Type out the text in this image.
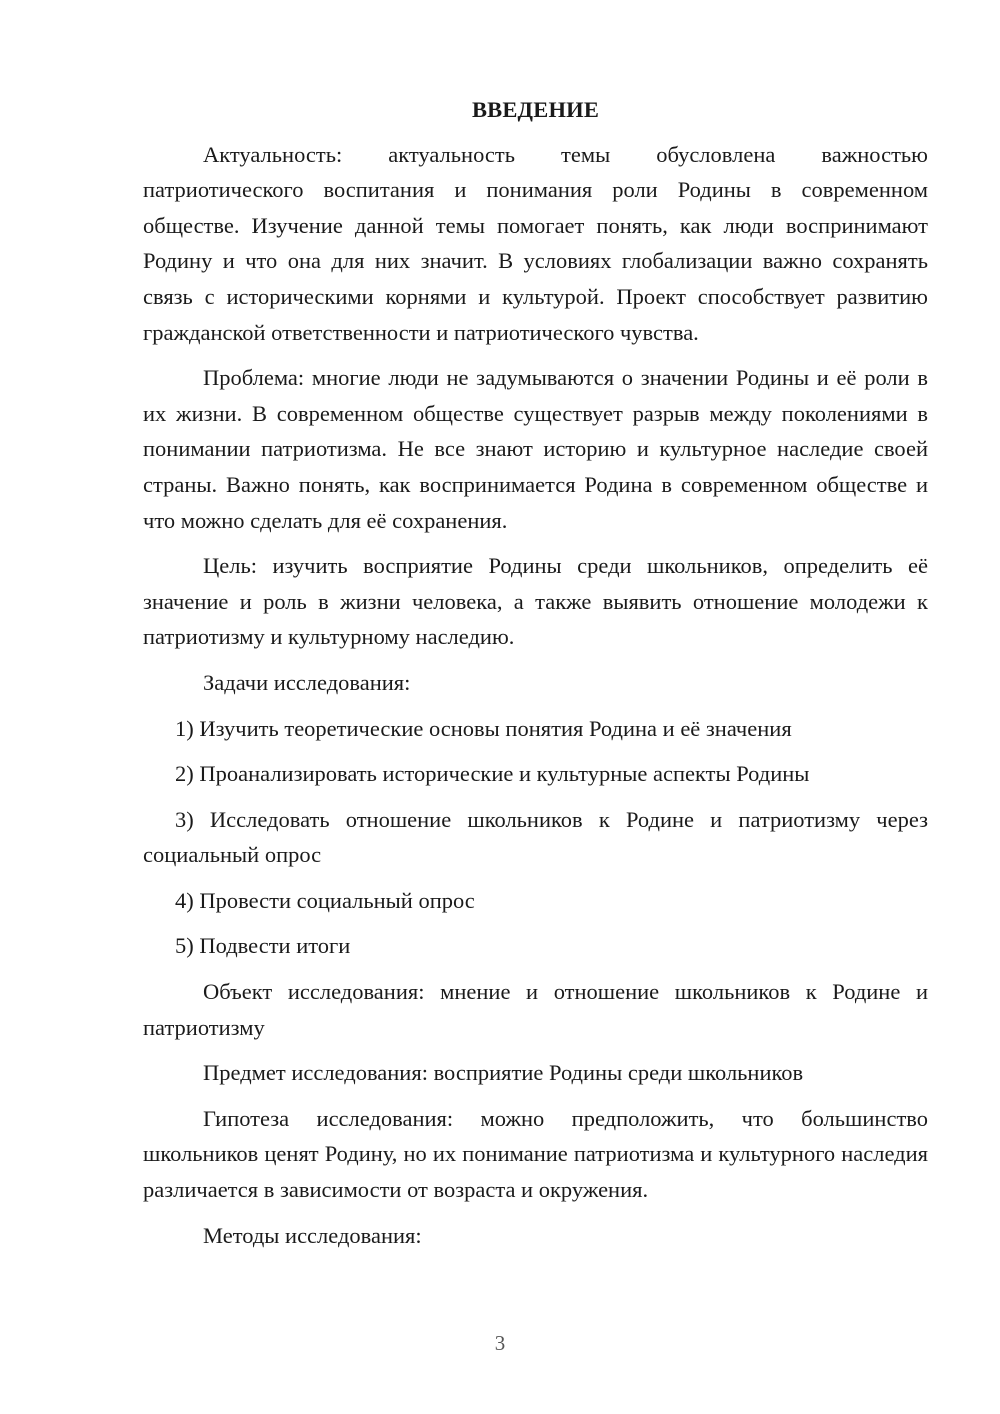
ВВЕДЕНИЕ

Актуальность: актуальность темы обусловлена важностью патриотического воспитания и понимания роли Родины в современном обществе. Изучение данной темы помогает понять, как люди воспринимают Родину и что она для них значит. В условиях глобализации важно сохранять связь с историческими корнями и культурой. Проект способствует развитию гражданской ответственности и патриотического чувства.

Проблема: многие люди не задумываются о значении Родины и её роли в их жизни. В современном обществе существует разрыв между поколениями в понимании патриотизма. Не все знают историю и культурное наследие своей страны. Важно понять, как воспринимается Родина в современном обществе и что можно сделать для её сохранения.

Цель: изучить восприятие Родины среди школьников, определить её значение и роль в жизни человека, а также выявить отношение молодежи к патриотизму и культурному наследию.

Задачи исследования:

1) Изучить теоретические основы понятия Родина и её значения

2) Проанализировать исторические и культурные аспекты Родины

3) Исследовать отношение школьников к Родине и патриотизму через социальный опрос

4) Провести социальный опрос

5) Подвести итоги

Объект исследования: мнение и отношение школьников к Родине и патриотизму

Предмет исследования: восприятие Родины среди школьников

Гипотеза исследования: можно предположить, что большинство школьников ценят Родину, но их понимание патриотизма и культурного наследия различается в зависимости от возраста и окружения.

Методы исследования:

3
